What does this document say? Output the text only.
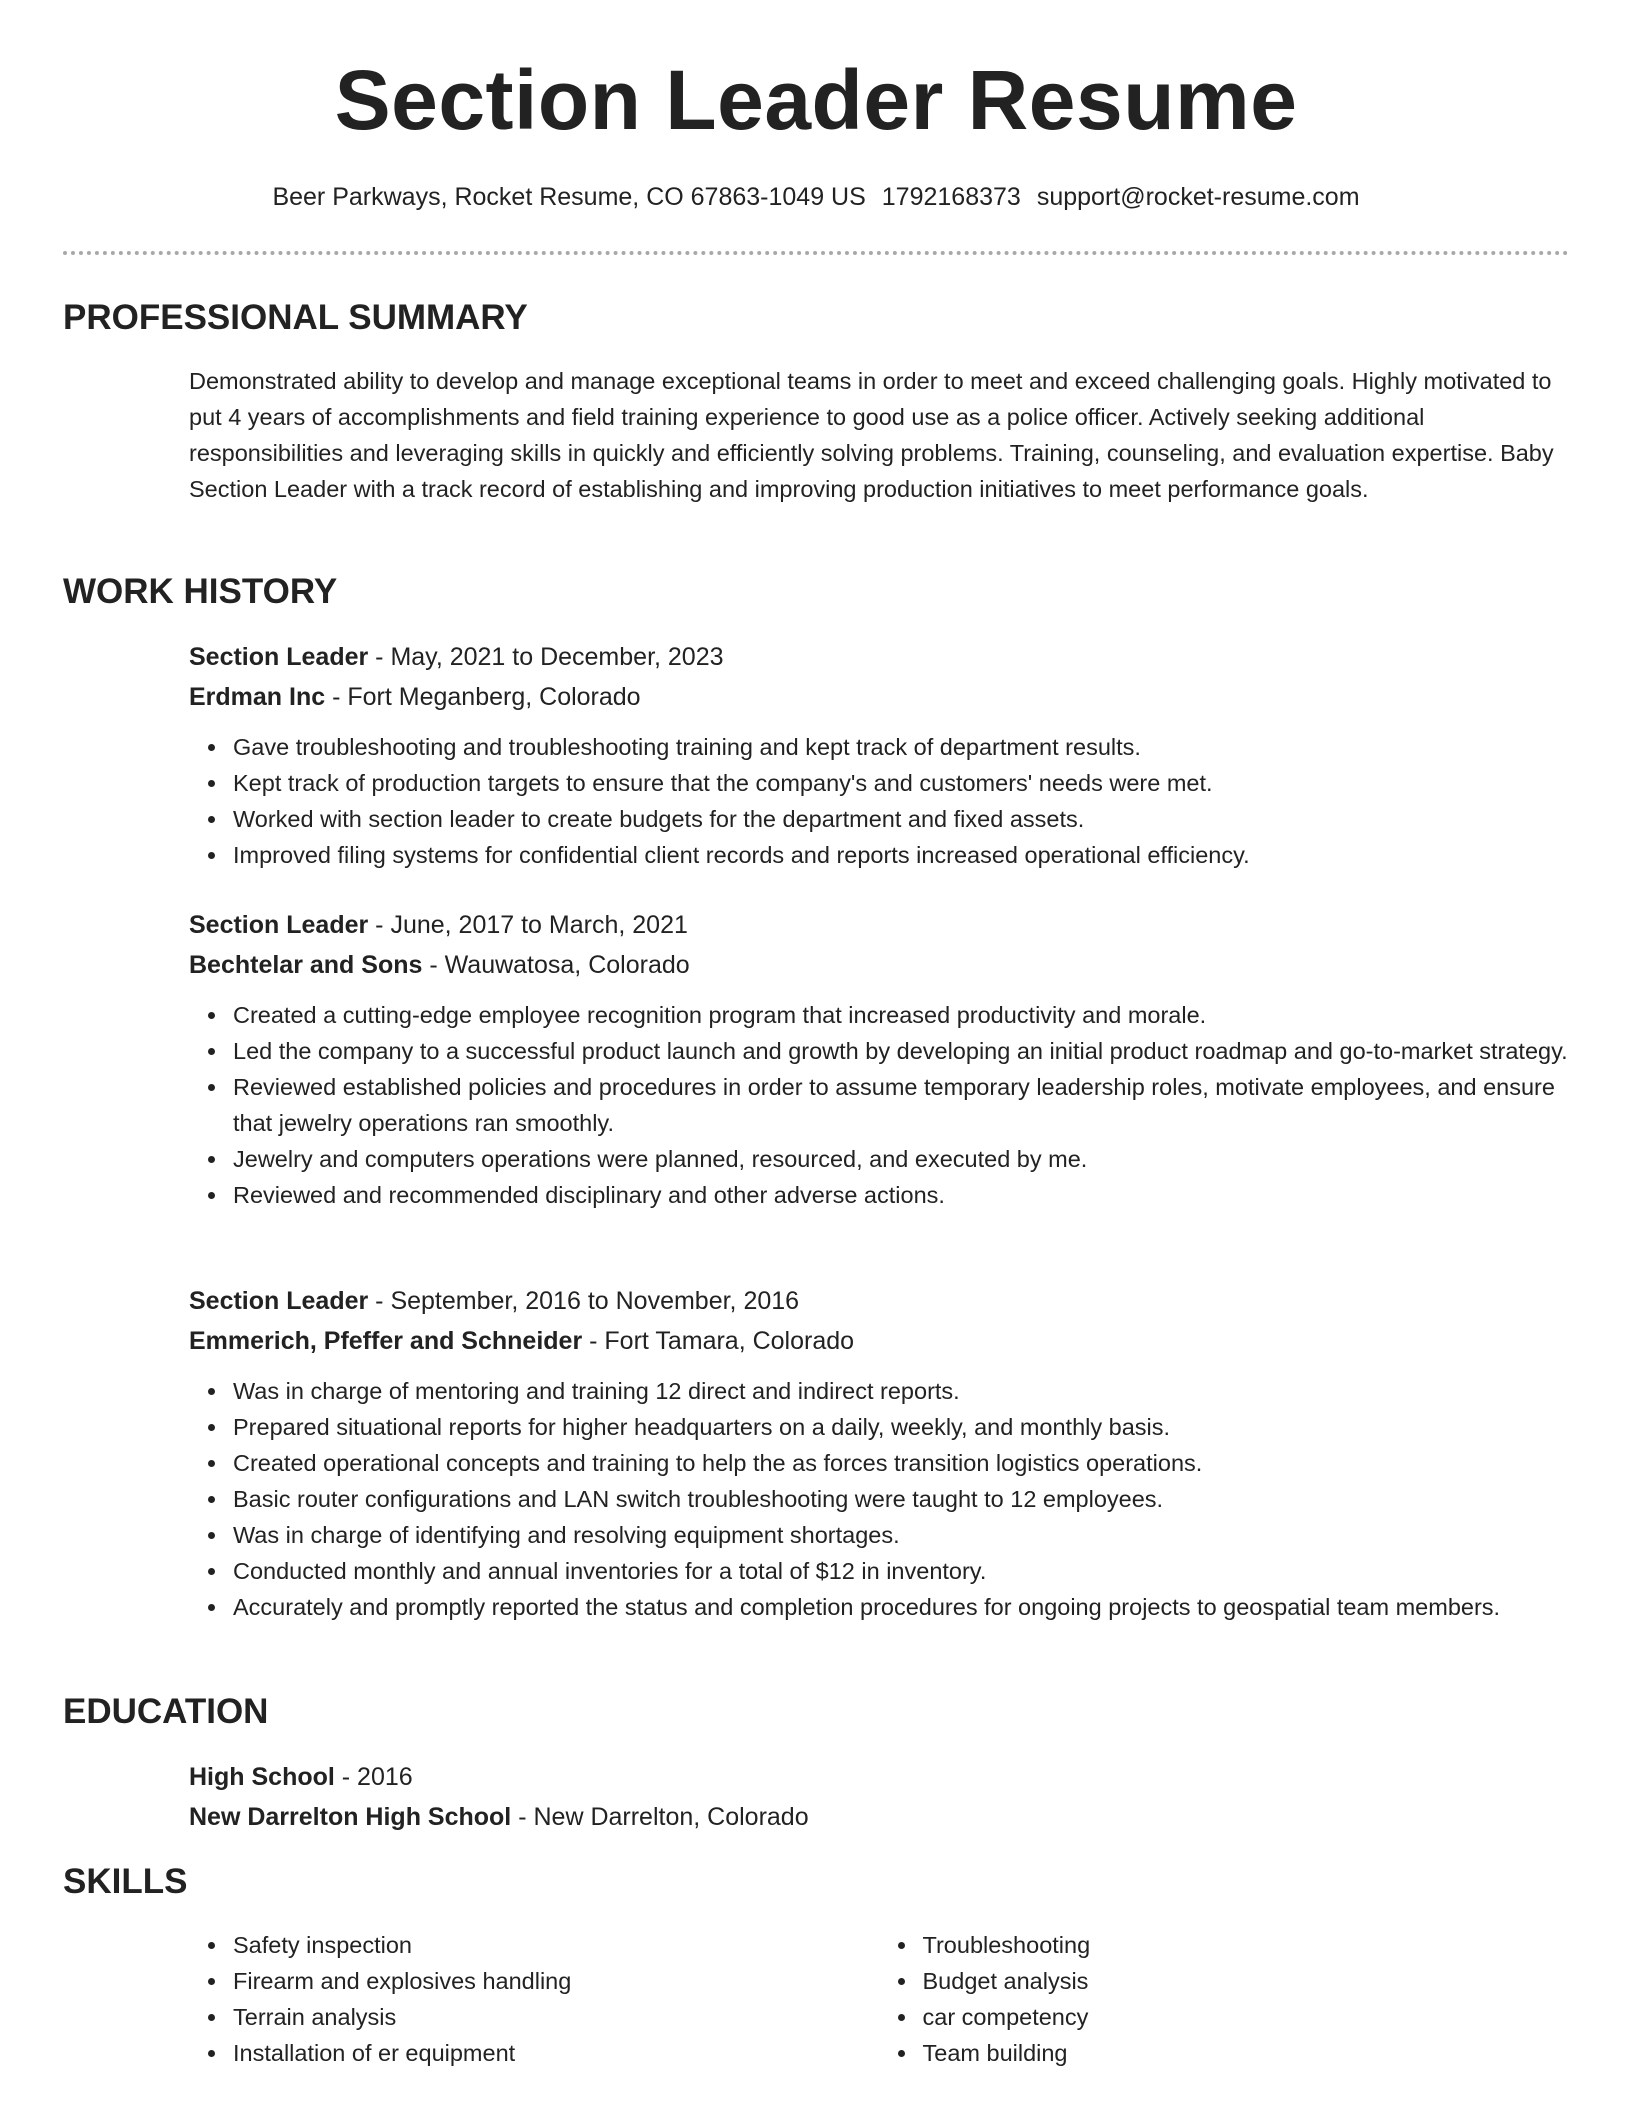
Section Leader Resume
Beer Parkways, Rocket Resume, CO 67863-1049 US 1792168373 support@rocket-resume.com
PROFESSIONAL SUMMARY
Demonstrated ability to develop and manage exceptional teams in order to meet and exceed challenging goals. Highly motivated to put 4 years of accomplishments and field training experience to good use as a police officer. Actively seeking additional responsibilities and leveraging skills in quickly and efficiently solving problems. Training, counseling, and evaluation expertise. Baby Section Leader with a track record of establishing and improving production initiatives to meet performance goals.
WORK HISTORY
Section Leader - May, 2021 to December, 2023
Erdman Inc - Fort Meganberg, Colorado
Gave troubleshooting and troubleshooting training and kept track of department results.
Kept track of production targets to ensure that the company's and customers' needs were met.
Worked with section leader to create budgets for the department and fixed assets.
Improved filing systems for confidential client records and reports increased operational efficiency.
Section Leader - June, 2017 to March, 2021
Bechtelar and Sons - Wauwatosa, Colorado
Created a cutting-edge employee recognition program that increased productivity and morale.
Led the company to a successful product launch and growth by developing an initial product roadmap and go-to-market strategy.
Reviewed established policies and procedures in order to assume temporary leadership roles, motivate employees, and ensure that jewelry operations ran smoothly.
Jewelry and computers operations were planned, resourced, and executed by me.
Reviewed and recommended disciplinary and other adverse actions.
Section Leader - September, 2016 to November, 2016
Emmerich, Pfeffer and Schneider - Fort Tamara, Colorado
Was in charge of mentoring and training 12 direct and indirect reports.
Prepared situational reports for higher headquarters on a daily, weekly, and monthly basis.
Created operational concepts and training to help the as forces transition logistics operations.
Basic router configurations and LAN switch troubleshooting were taught to 12 employees.
Was in charge of identifying and resolving equipment shortages.
Conducted monthly and annual inventories for a total of $12 in inventory.
Accurately and promptly reported the status and completion procedures for ongoing projects to geospatial team members.
EDUCATION
High School - 2016
New Darrelton High School - New Darrelton, Colorado
SKILLS
Safety inspection
Firearm and explosives handling
Terrain analysis
Installation of er equipment
Troubleshooting
Budget analysis
car competency
Team building
